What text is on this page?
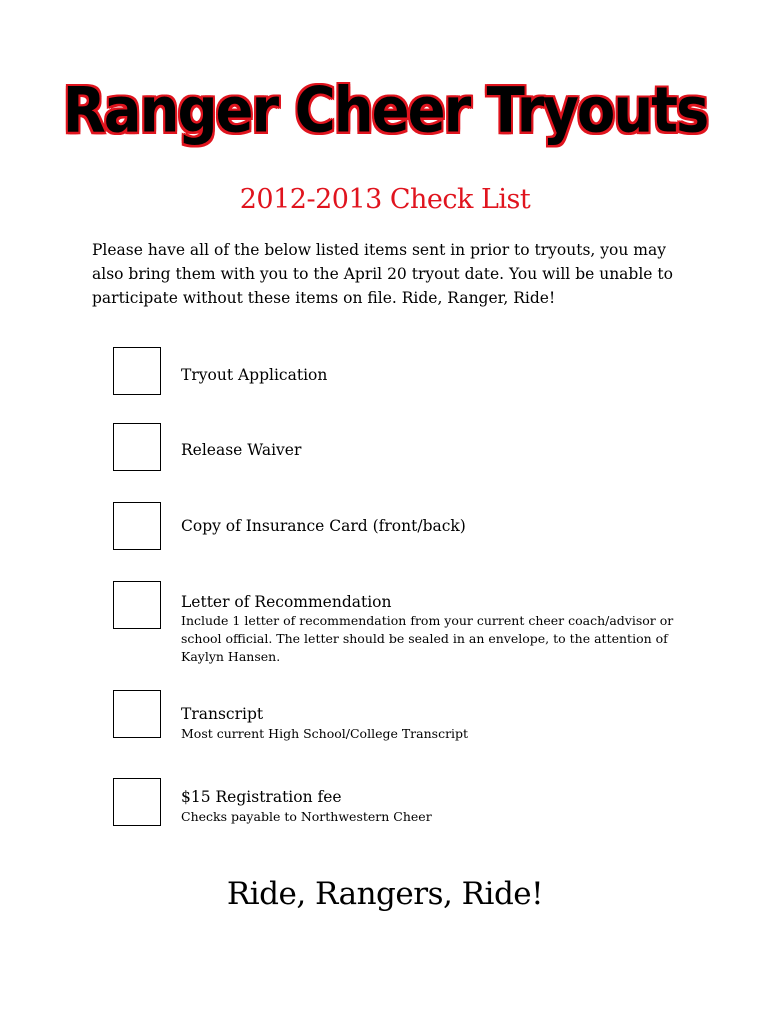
Ranger Cheer Tryouts
2012-2013 Check List

Please have all of the below listed items sent in prior to tryouts, you may also bring them with you to the April 20 tryout date. You will be unable to participate without these items on file. Ride, Ranger, Ride!

Tryout Application
Release Waiver
Copy of Insurance Card (front/back)
Letter of Recommendation
Include 1 letter of recommendation from your current cheer coach/advisor or school official. The letter should be sealed in an envelope, to the attention of Kaylyn Hansen.
Transcript
Most current High School/College Transcript
$15 Registration fee
Checks payable to Northwestern Cheer
Ride, Rangers, Ride!
